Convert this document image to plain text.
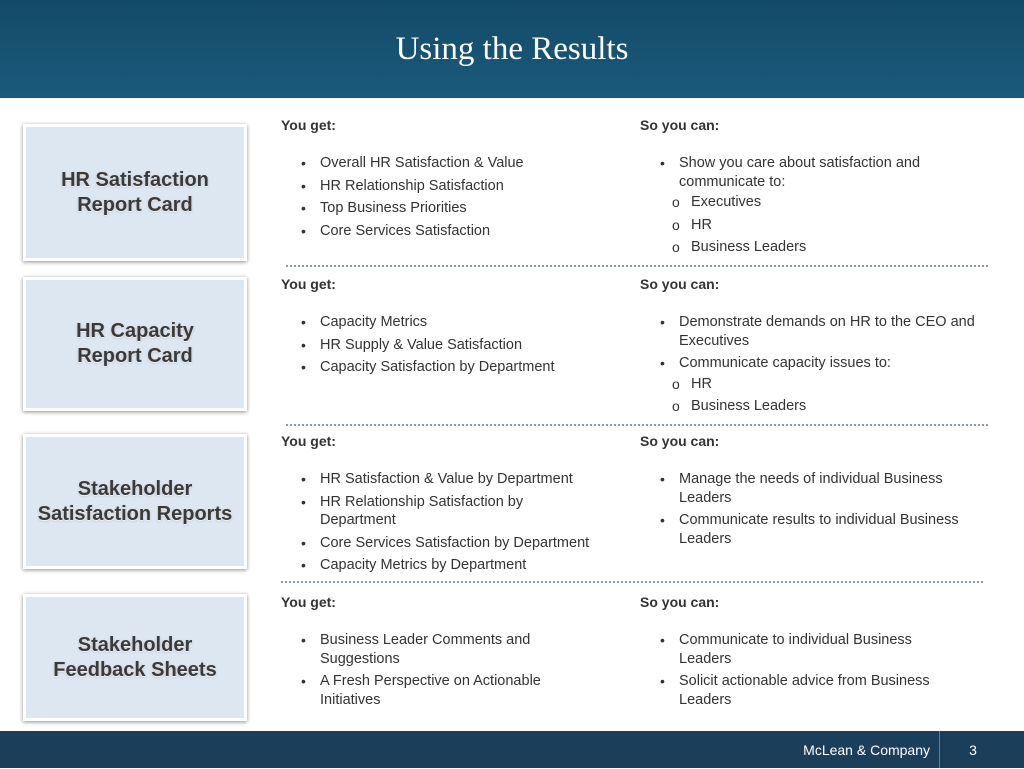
Using the Results
HR Satisfaction Report Card
You get:
• Overall HR Satisfaction & Value
• HR Relationship Satisfaction
• Top Business Priorities
• Core Services Satisfaction
So you can:
• Show you care about satisfaction and communicate to:
o Executives
o HR
o Business Leaders
HR Capacity Report Card
You get:
• Capacity Metrics
• HR Supply & Value Satisfaction
• Capacity Satisfaction by Department
So you can:
• Demonstrate demands on HR to the CEO and Executives
• Communicate capacity issues to:
o HR
o Business Leaders
Stakeholder Satisfaction Reports
You get:
• HR Satisfaction & Value by Department
• HR Relationship Satisfaction by Department
• Core Services Satisfaction by Department
• Capacity Metrics by Department
So you can:
• Manage the needs of individual Business Leaders
• Communicate results to individual Business Leaders
Stakeholder Feedback Sheets
You get:
• Business Leader Comments and Suggestions
• A Fresh Perspective on Actionable Initiatives
So you can:
• Communicate to individual Business Leaders
• Solicit actionable advice from Business Leaders
McLean & Company	3
